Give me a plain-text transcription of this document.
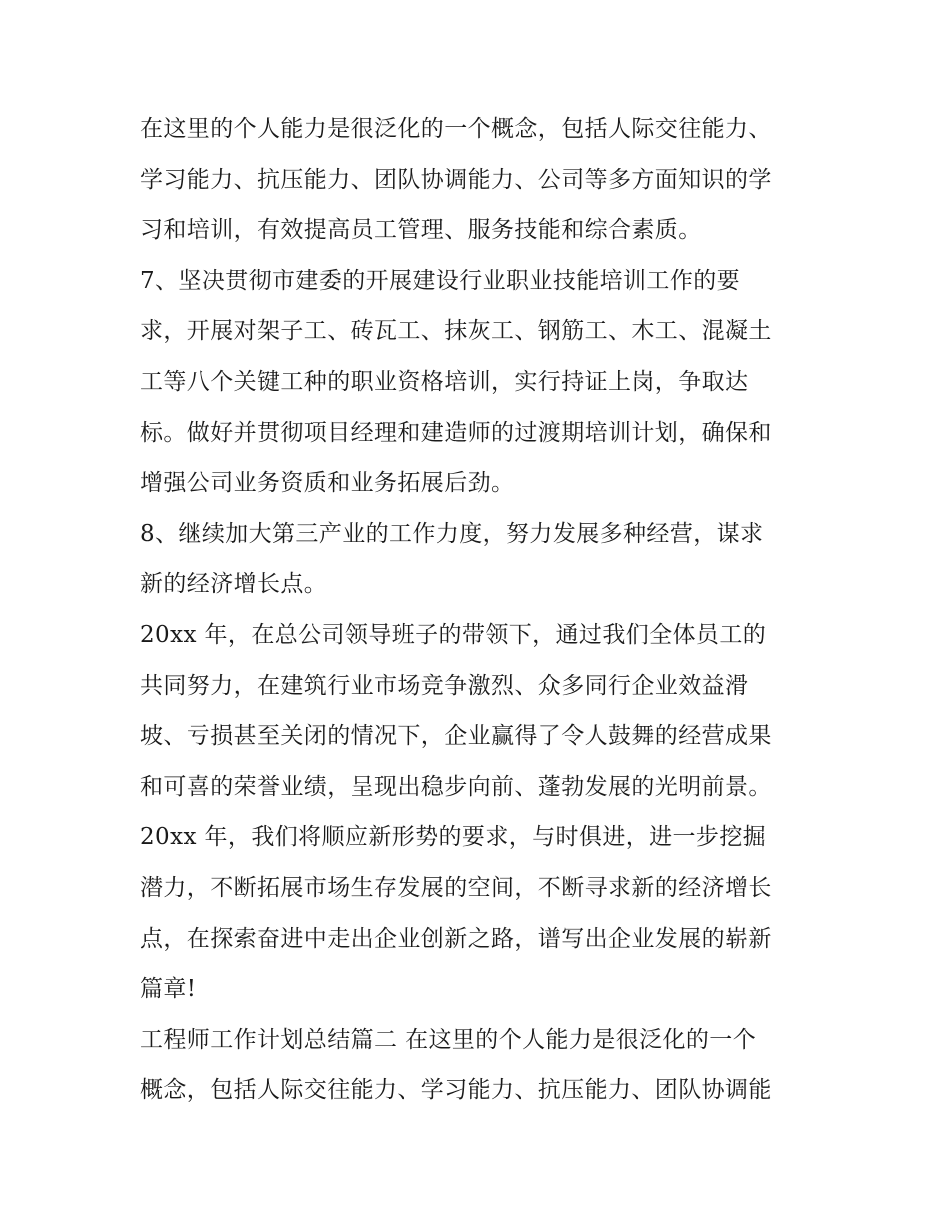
在这里的个人能力是很泛化的一个概念，包括人际交往能力、
学习能力、抗压能力、团队协调能力、公司等多方面知识的学
习和培训，有效提高员工管理、服务技能和综合素质。
7、坚决贯彻市建委的开展建设行业职业技能培训工作的要
求，开展对架子工、砖瓦工、抹灰工、钢筋工、木工、混凝土
工等八个关键工种的职业资格培训，实行持证上岗，争取达
标。做好并贯彻项目经理和建造师的过渡期培训计划，确保和
增强公司业务资质和业务拓展后劲。
8、继续加大第三产业的工作力度，努力发展多种经营，谋求
新的经济增长点。
20xx 年，在总公司领导班子的带领下，通过我们全体员工的
共同努力，在建筑行业市场竞争激烈、众多同行企业效益滑
坡、亏损甚至关闭的情况下，企业赢得了令人鼓舞的经营成果
和可喜的荣誉业绩，呈现出稳步向前、蓬勃发展的光明前景。
20xx 年，我们将顺应新形势的要求，与时俱进，进一步挖掘
潜力，不断拓展市场生存发展的空间，不断寻求新的经济增长
点，在探索奋进中走出企业创新之路，谱写出企业发展的崭新
篇章!
工程师工作计划总结篇二 在这里的个人能力是很泛化的一个
概念，包括人际交往能力、学习能力、抗压能力、团队协调能
